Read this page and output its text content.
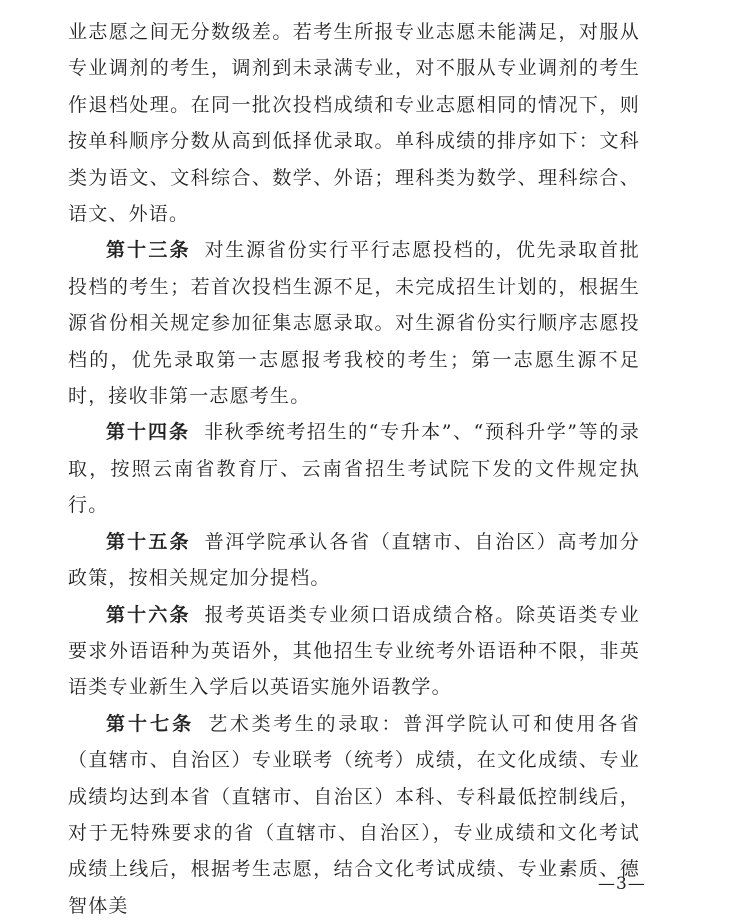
业志愿之间无分数级差。若考生所报专业志愿未能满足，对服从专业调剂的考生，调剂到未录满专业，对不服从专业调剂的考生作退档处理。在同一批次投档成绩和专业志愿相同的情况下，则按单科顺序分数从高到低择优录取。单科成绩的排序如下：文科类为语文、文科综合、数学、外语；理科类为数学、理科综合、语文、外语。

第十三条 对生源省份实行平行志愿投档的，优先录取首批投档的考生；若首次投档生源不足，未完成招生计划的，根据生源省份相关规定参加征集志愿录取。对生源省份实行顺序志愿投档的，优先录取第一志愿报考我校的考生；第一志愿生源不足时，接收非第一志愿考生。

第十四条 非秋季统考招生的“专升本”、“预科升学”等的录取，按照云南省教育厅、云南省招生考试院下发的文件规定执行。

第十五条 普洱学院承认各省（直辖市、自治区）高考加分政策，按相关规定加分提档。

第十六条 报考英语类专业须口语成绩合格。除英语类专业要求外语语种为英语外，其他招生专业统考外语语种不限，非英语类专业新生入学后以英语实施外语教学。

第十七条 艺术类考生的录取：普洱学院认可和使用各省（直辖市、自治区）专业联考（统考）成绩，在文化成绩、专业成绩均达到本省（直辖市、自治区）本科、专科最低控制线后，对于无特殊要求的省（直辖市、自治区），专业成绩和文化考试成绩上线后，根据考生志愿，结合文化考试成绩、专业素质、德智体美

—3—
